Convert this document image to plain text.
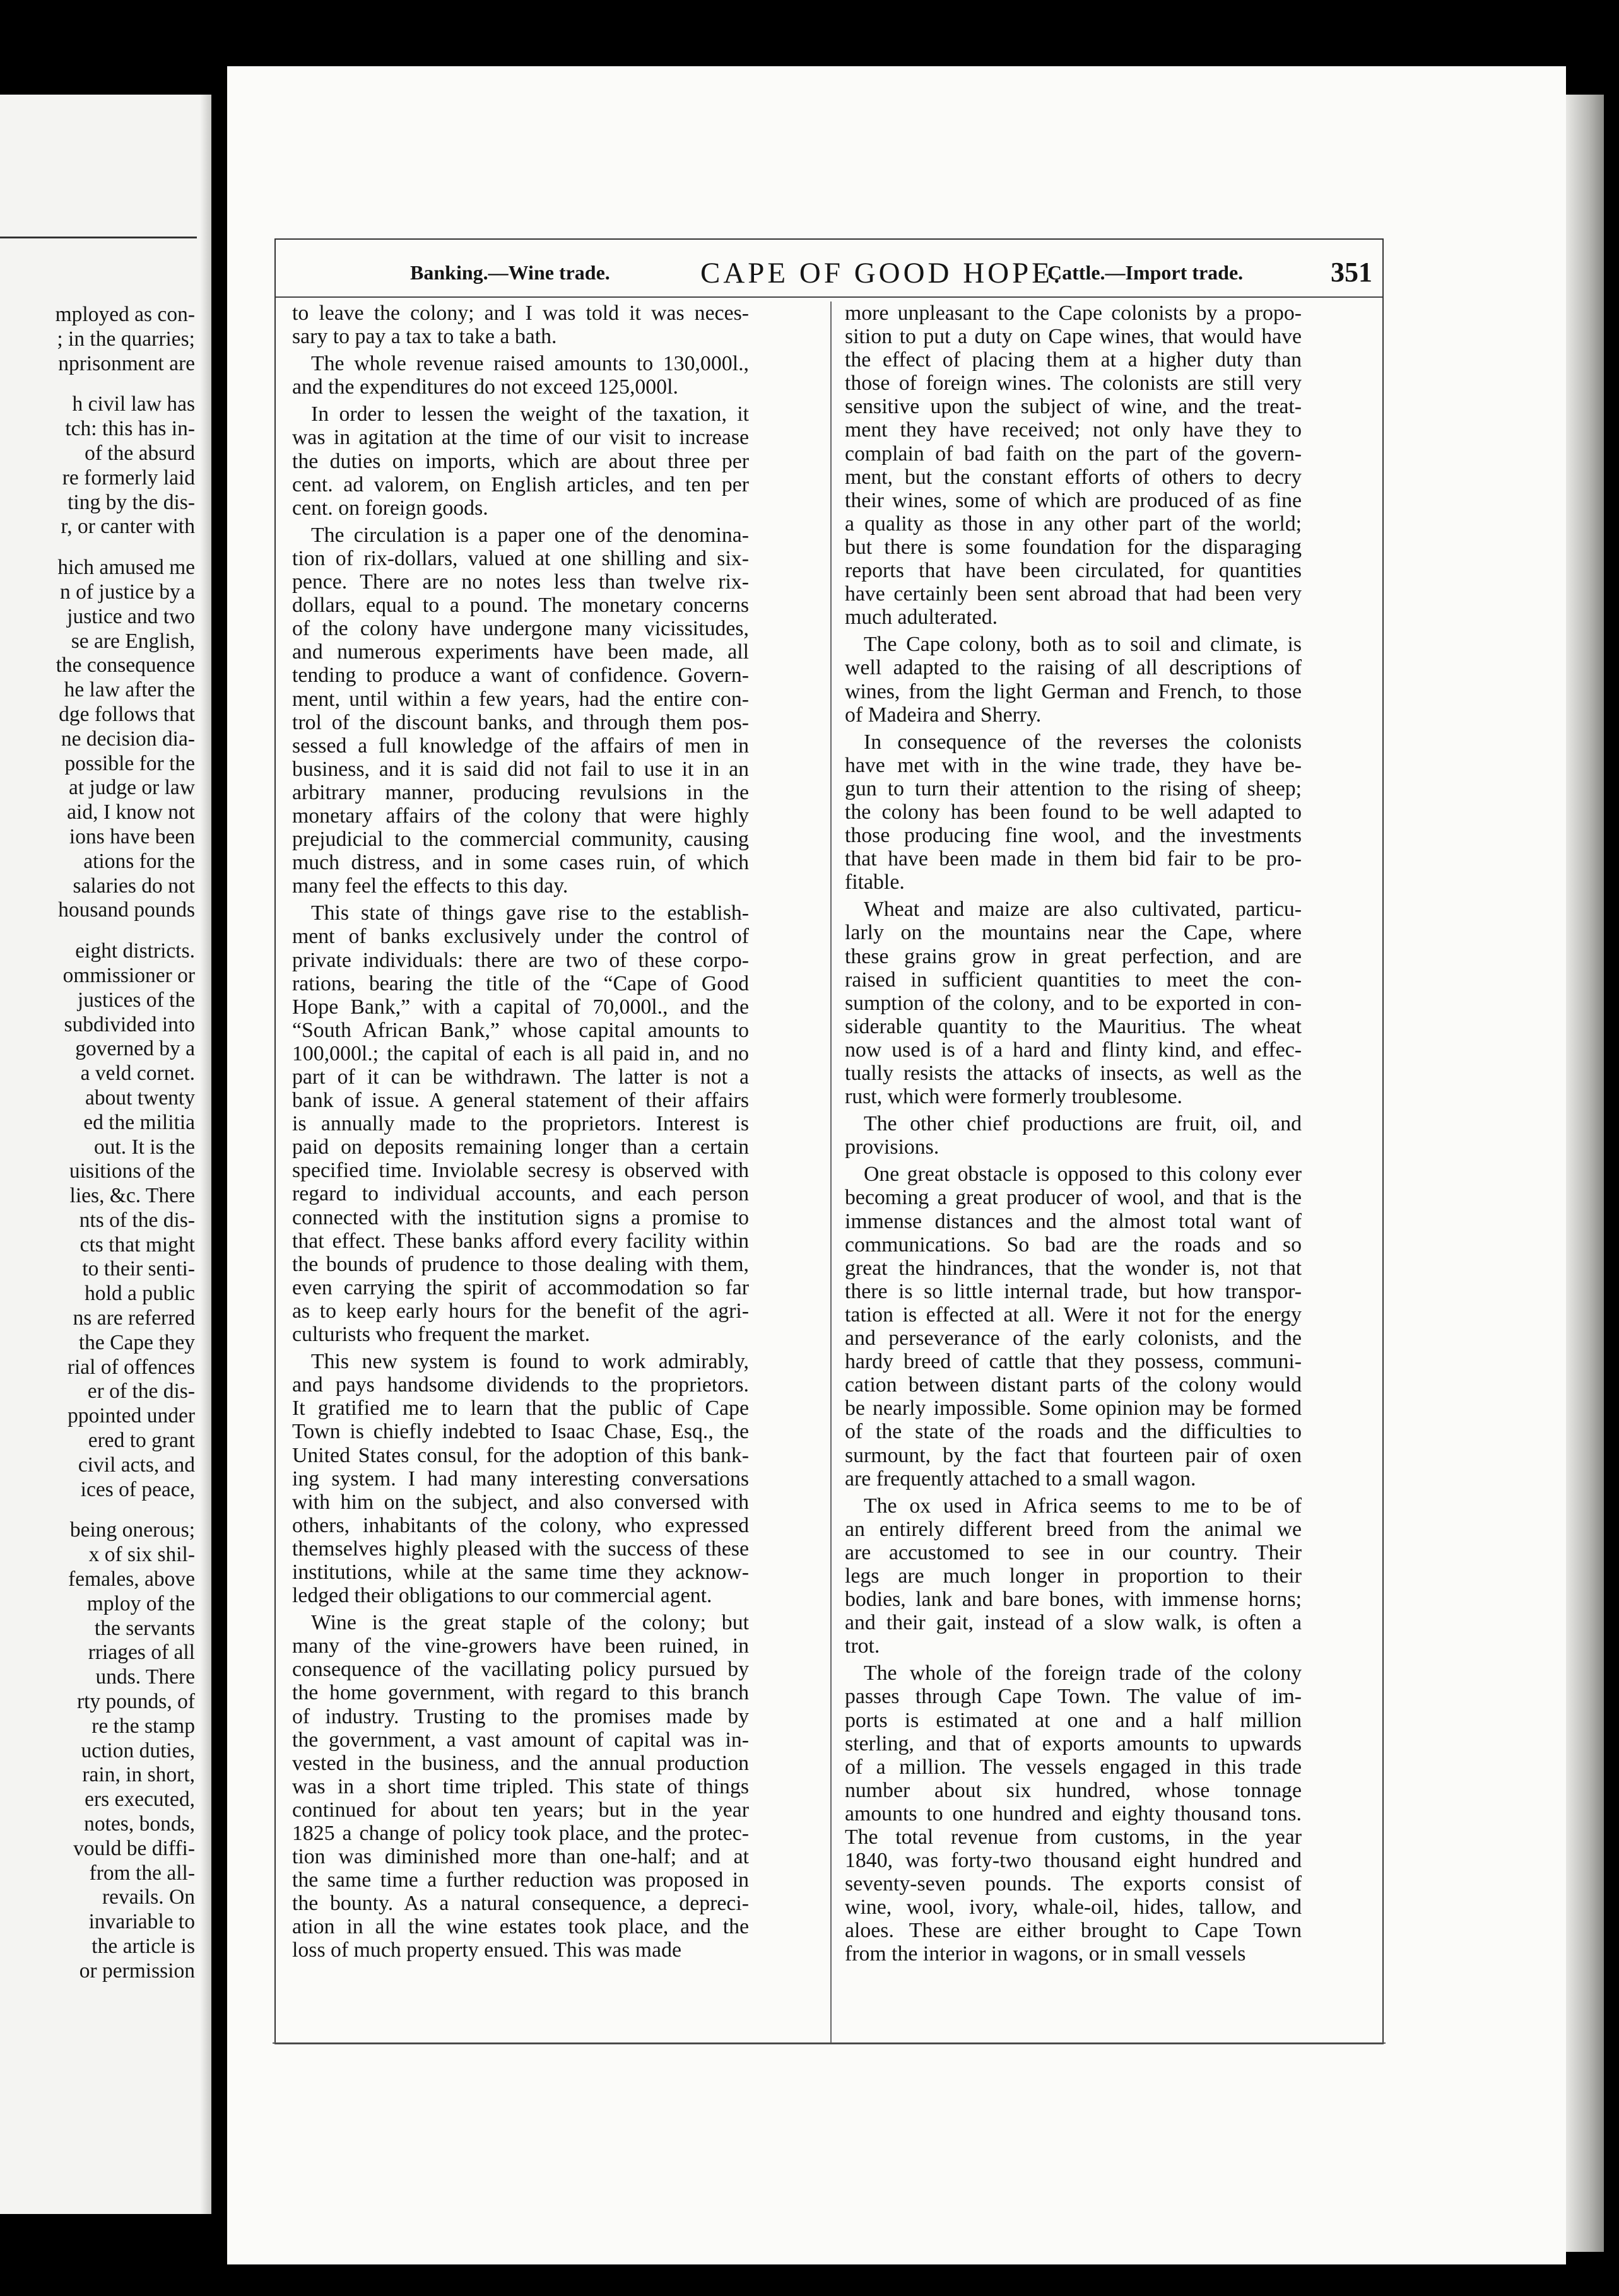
mployed as con-
; in the quarries;
nprisonment are
h civil law has
tch: this has in-
of the absurd
re formerly laid
ting by the dis-
r, or canter with
hich amused me
n of justice by a
justice and two
se are English,
the consequence
he law after the
dge follows that
ne decision dia-
possible for the
at judge or law
aid, I know not
ions have been
ations for the
salaries do not
housand pounds
eight districts.
ommissioner or
justices of the
subdivided into
governed by a
a veld cornet.
about twenty
ed the militia
out. It is the
uisitions of the
lies, &c. There
nts of the dis-
cts that might
to their senti-
hold a public
ns are referred
the Cape they
rial of offences
er of the dis-
ppointed under
ered to grant
civil acts, and
ices of peace,
being onerous;
x of six shil-
females, above
mploy of the
the servants
rriages of all
unds. There
rty pounds, of
re the stamp
uction duties,
rain, in short,
ers executed,
notes, bonds,
vould be diffi-
from the all-
revails. On
invariable to
the article is
or permission
Banking.—Wine trade.	CAPE OF GOOD HOPE.
Cattle.—Import trade.	351

to leave the colony; and I was told it was neces-

sary to pay a tax to take a bath.

The whole revenue raised amounts to 130,000l.,

and the expenditures do not exceed 125,000l.

In order to lessen the weight of the taxation, it

was in agitation at the time of our visit to increase

the duties on imports, which are about three per

cent. ad valorem, on English articles, and ten per

cent. on foreign goods.

The circulation is a paper one of the denomina-

tion of rix-dollars, valued at one shilling and six-

pence. There are no notes less than twelve rix-

dollars, equal to a pound. The monetary concerns

of the colony have undergone many vicissitudes,

and numerous experiments have been made, all

tending to produce a want of confidence. Govern-

ment, until within a few years, had the entire con-

trol of the discount banks, and through them pos-

sessed a full knowledge of the affairs of men in

business, and it is said did not fail to use it in an

arbitrary manner, producing revulsions in the

monetary affairs of the colony that were highly

prejudicial to the commercial community, causing

much distress, and in some cases ruin, of which

many feel the effects to this day.

This state of things gave rise to the establish-

ment of banks exclusively under the control of

private individuals: there are two of these corpo-

rations, bearing the title of the “Cape of Good

Hope Bank,” with a capital of 70,000l., and the

“South African Bank,” whose capital amounts to

100,000l.; the capital of each is all paid in, and no

part of it can be withdrawn. The latter is not a

bank of issue. A general statement of their affairs

is annually made to the proprietors. Interest is

paid on deposits remaining longer than a certain

specified time. Inviolable secresy is observed with

regard to individual accounts, and each person

connected with the institution signs a promise to

that effect. These banks afford every facility within

the bounds of prudence to those dealing with them,

even carrying the spirit of accommodation so far

as to keep early hours for the benefit of the agri-

culturists who frequent the market.

This new system is found to work admirably,

and pays handsome dividends to the proprietors.

It gratified me to learn that the public of Cape

Town is chiefly indebted to Isaac Chase, Esq., the

United States consul, for the adoption of this bank-

ing system. I had many interesting conversations

with him on the subject, and also conversed with

others, inhabitants of the colony, who expressed

themselves highly pleased with the success of these

institutions, while at the same time they acknow-

ledged their obligations to our commercial agent.

Wine is the great staple of the colony; but

many of the vine-growers have been ruined, in

consequence of the vacillating policy pursued by

the home government, with regard to this branch

of industry. Trusting to the promises made by

the government, a vast amount of capital was in-

vested in the business, and the annual production

was in a short time tripled. This state of things

continued for about ten years; but in the year

1825 a change of policy took place, and the protec-

tion was diminished more than one-half; and at

the same time a further reduction was proposed in

the bounty. As a natural consequence, a depreci-

ation in all the wine estates took place, and the

loss of much property ensued. This was made

more unpleasant to the Cape colonists by a propo-

sition to put a duty on Cape wines, that would have

the effect of placing them at a higher duty than

those of foreign wines. The colonists are still very

sensitive upon the subject of wine, and the treat-

ment they have received; not only have they to

complain of bad faith on the part of the govern-

ment, but the constant efforts of others to decry

their wines, some of which are produced of as fine

a quality as those in any other part of the world;

but there is some foundation for the disparaging

reports that have been circulated, for quantities

have certainly been sent abroad that had been very

much adulterated.

The Cape colony, both as to soil and climate, is

well adapted to the raising of all descriptions of

wines, from the light German and French, to those

of Madeira and Sherry.

In consequence of the reverses the colonists

have met with in the wine trade, they have be-

gun to turn their attention to the rising of sheep;

the colony has been found to be well adapted to

those producing fine wool, and the investments

that have been made in them bid fair to be pro-

fitable.

Wheat and maize are also cultivated, particu-

larly on the mountains near the Cape, where

these grains grow in great perfection, and are

raised in sufficient quantities to meet the con-

sumption of the colony, and to be exported in con-

siderable quantity to the Mauritius. The wheat

now used is of a hard and flinty kind, and effec-

tually resists the attacks of insects, as well as the

rust, which were formerly troublesome.

The other chief productions are fruit, oil, and

provisions.

One great obstacle is opposed to this colony ever

becoming a great producer of wool, and that is the

immense distances and the almost total want of

communications. So bad are the roads and so

great the hindrances, that the wonder is, not that

there is so little internal trade, but how transpor-

tation is effected at all. Were it not for the energy

and perseverance of the early colonists, and the

hardy breed of cattle that they possess, communi-

cation between distant parts of the colony would

be nearly impossible. Some opinion may be formed

of the state of the roads and the difficulties to

surmount, by the fact that fourteen pair of oxen

are frequently attached to a small wagon.

The ox used in Africa seems to me to be of

an entirely different breed from the animal we

are accustomed to see in our country. Their

legs are much longer in proportion to their

bodies, lank and bare bones, with immense horns;

and their gait, instead of a slow walk, is often a

trot.

The whole of the foreign trade of the colony

passes through Cape Town. The value of im-

ports is estimated at one and a half million

sterling, and that of exports amounts to upwards

of a million. The vessels engaged in this trade

number about six hundred, whose tonnage

amounts to one hundred and eighty thousand tons.

The total revenue from customs, in the year

1840, was forty-two thousand eight hundred and

seventy-seven pounds. The exports consist of

wine, wool, ivory, whale-oil, hides, tallow, and

aloes. These are either brought to Cape Town

from the interior in wagons, or in small vessels
